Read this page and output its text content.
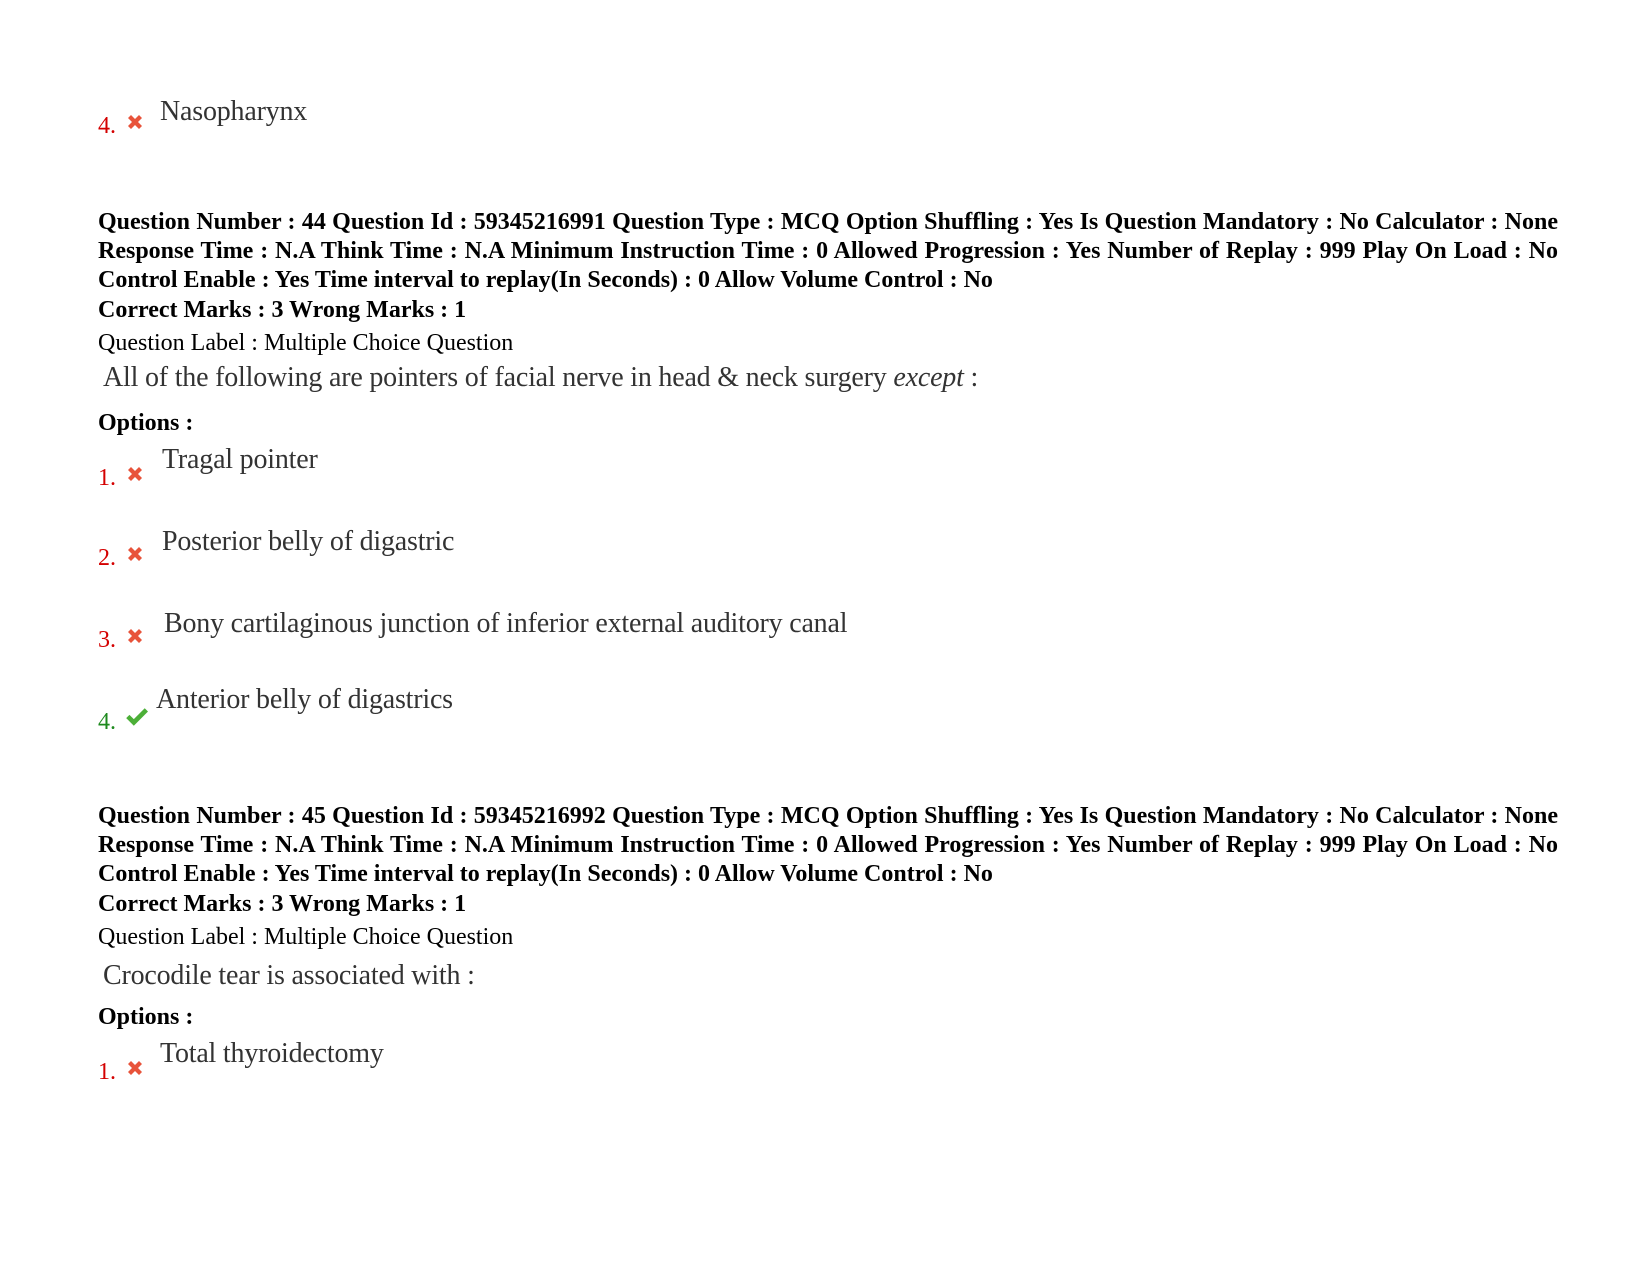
4. Nasopharynx
Question Number : 44 Question Id : 59345216991 Question Type : MCQ Option Shuffling : Yes Is Question Mandatory : No Calculator : None Response Time : N.A Think Time : N.A Minimum Instruction Time : 0 Allowed Progression : Yes Number of Replay : 999 Play On Load : No Control Enable : Yes Time interval to replay(In Seconds) : 0 Allow Volume Control : No
Correct Marks : 3 Wrong Marks : 1
Question Label : Multiple Choice Question
All of the following are pointers of facial nerve in head & neck surgery except :
Options :
1.
Tragal pointer
2.
Posterior belly of digastric
3.
Bony cartilaginous junction of inferior external auditory canal
4.
Anterior belly of digastrics
Question Number : 45 Question Id : 59345216992 Question Type : MCQ Option Shuffling : Yes Is Question Mandatory : No Calculator : None Response Time : N.A Think Time : N.A Minimum Instruction Time : 0 Allowed Progression : Yes Number of Replay : 999 Play On Load : No Control Enable : Yes Time interval to replay(In Seconds) : 0 Allow Volume Control : No
Correct Marks : 3 Wrong Marks : 1
Question Label : Multiple Choice Question
Crocodile tear is associated with :
Options :
1.
Total thyroidectomy
